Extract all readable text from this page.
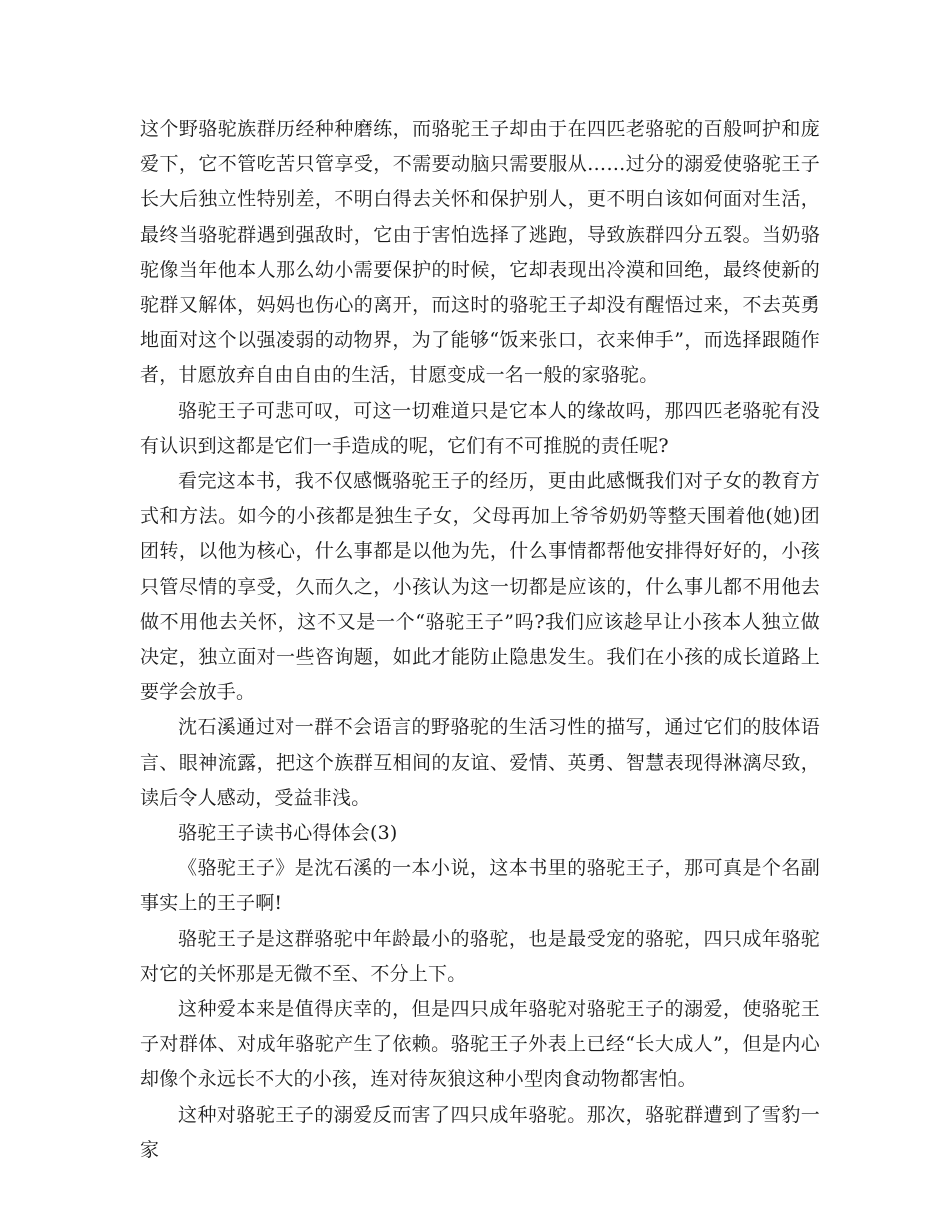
这个野骆驼族群历经种种磨练，而骆驼王子却由于在四匹老骆驼的百般呵护和庞爱下，它不管吃苦只管享受，不需要动脑只需要服从……过分的溺爱使骆驼王子长大后独立性特别差，不明白得去关怀和保护别人，更不明白该如何面对生活，最终当骆驼群遇到强敌时，它由于害怕选择了逃跑，导致族群四分五裂。当奶骆驼像当年他本人那么幼小需要保护的时候，它却表现出冷漠和回绝，最终使新的驼群又解体，妈妈也伤心的离开，而这时的骆驼王子却没有醒悟过来，不去英勇地面对这个以强凌弱的动物界，为了能够“饭来张口，衣来伸手”，而选择跟随作者，甘愿放弃自由自由的生活，甘愿变成一名一般的家骆驼。

骆驼王子可悲可叹，可这一切难道只是它本人的缘故吗，那四匹老骆驼有没有认识到这都是它们一手造成的呢，它们有不可推脱的责任呢?

看完这本书，我不仅感慨骆驼王子的经历，更由此感慨我们对子女的教育方式和方法。如今的小孩都是独生子女，父母再加上爷爷奶奶等整天围着他(她)团团转，以他为核心，什么事都是以他为先，什么事情都帮他安排得好好的，小孩只管尽情的享受，久而久之，小孩认为这一切都是应该的，什么事儿都不用他去做不用他去关怀，这不又是一个“骆驼王子”吗?我们应该趁早让小孩本人独立做决定，独立面对一些咨询题，如此才能防止隐患发生。我们在小孩的成长道路上要学会放手。

沈石溪通过对一群不会语言的野骆驼的生活习性的描写，通过它们的肢体语言、眼神流露，把这个族群互相间的友谊、爱情、英勇、智慧表现得淋漓尽致，读后令人感动，受益非浅。

骆驼王子读书心得体会(3)

《骆驼王子》是沈石溪的一本小说，这本书里的骆驼王子，那可真是个名副事实上的王子啊!

骆驼王子是这群骆驼中年龄最小的骆驼，也是最受宠的骆驼，四只成年骆驼对它的关怀那是无微不至、不分上下。

这种爱本来是值得庆幸的，但是四只成年骆驼对骆驼王子的溺爱，使骆驼王子对群体、对成年骆驼产生了依赖。骆驼王子外表上已经“长大成人”，但是内心却像个永远长不大的小孩，连对待灰狼这种小型肉食动物都害怕。

这种对骆驼王子的溺爱反而害了四只成年骆驼。那次，骆驼群遭到了雪豹一家
